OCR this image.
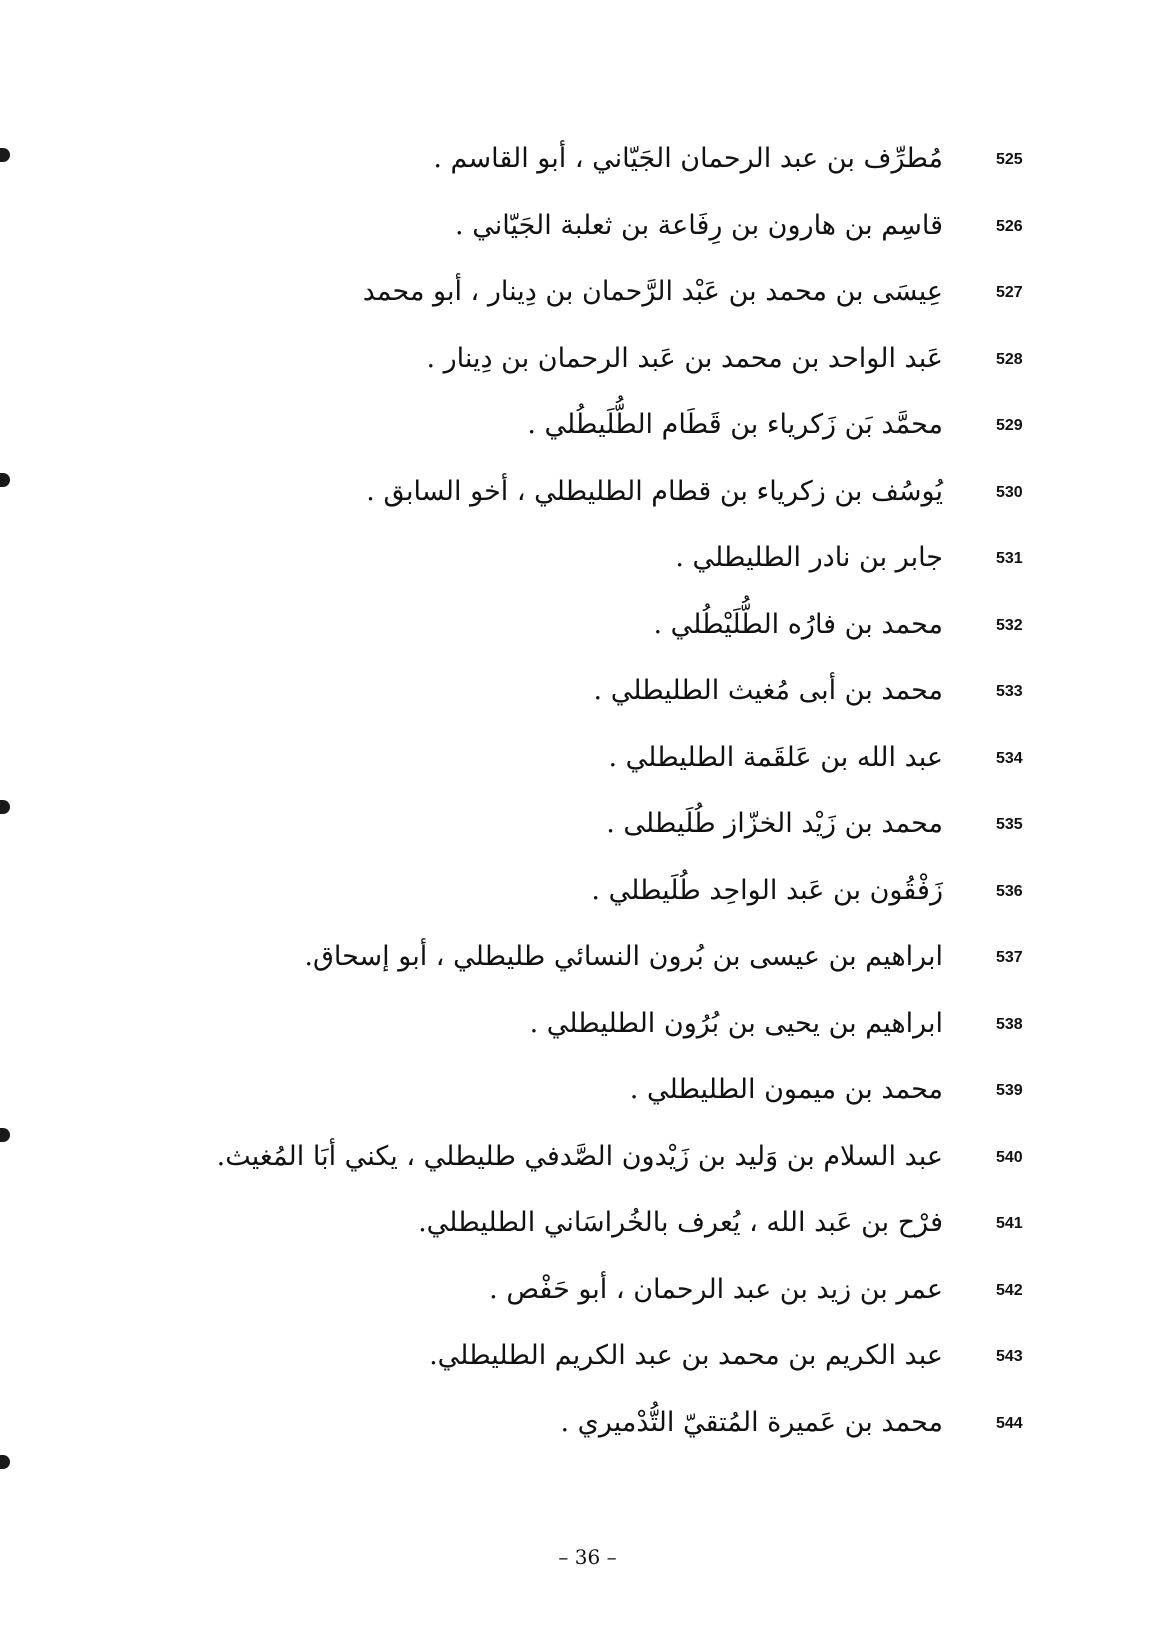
525
مُطرِّف بن عبد الرحمان الجَيّاني ، أبو القاسم .
526
قاسِم بن هارون بن رِفَاعة بن ثعلبة الجَيّاني .
527
عِيسَى بن محمد بن عَبْد الرَّحمان بن دِينار ، أبو محمد
528
عَبد الواحد بن محمد بن عَبد الرحمان بن دِينار .
529
محمَّد بَن زَكرياء بن قَطَام الطُّلَيطُلي .
530
يُوسُف بن زكرياء بن قطام الطليطلي ، أخو السابق .
531
جابر بن نادر الطليطلي .
532
محمد بن فارُه الطُّلَيْطُلي .
533
محمد بن أبى مُغيث الطليطلي .
534
عبد الله بن عَلقَمة الطليطلي .
535
محمد بن زَيْد الخزّاز طُلَيطلى .
536
زَفْقُون بن عَبد الواحِد طُلَيطلي .
537
ابراهيم بن عيسى بن بُرون النسائي طليطلي ، أبو إسحاق.
538
ابراهيم بن يحيى بن بُرُون الطليطلي .
539
محمد بن ميمون الطليطلي .
540
عبد السلام بن وَليد بن زَيْدون الصَّدفي طليطلي ، يكني أبَا المُغيث.
541
فرْح بن عَبد الله ، يُعرف بالخُراسَاني الطليطلي.
542
عمر بن زيد بن عبد الرحمان ، أبو حَفْص .
543
عبد الكريم بن محمد بن عبد الكريم الطليطلي.
544
محمد بن عَميرة المُتقيّ التُّدْميري .
– 36 –
